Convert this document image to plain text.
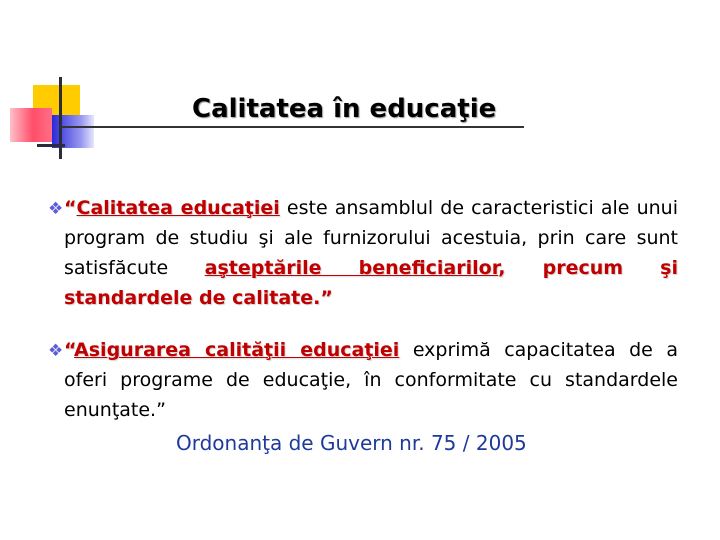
Calitatea în educaţie
❖ “Calitatea educaţiei este ansamblul de caracteristici ale unui program de studiu şi ale furnizorului acestuia, prin care sunt satisfăcute aşteptările beneficiarilor, precum şi standardele de calitate.”

❖ “Asigurarea calităţii educaţiei exprimă capacitatea de a oferi programe de educaţie, în conformitate cu standardele enunţate.”

Ordonanţa de Guvern nr. 75 / 2005
